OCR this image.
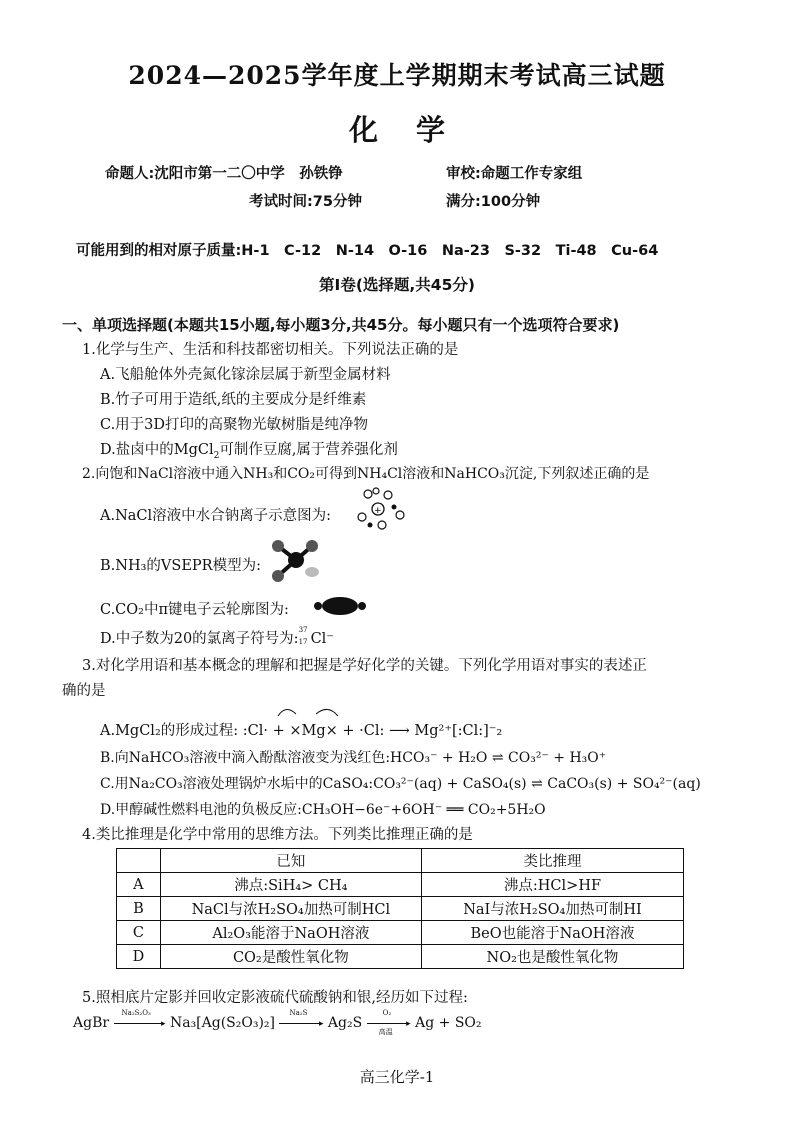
2024—2025学年度上学期期末考试高三试题
化学
命题人:沈阳市第一二〇中学　孙铁铮	审校:命题工作专家组
考试时间:75分钟	满分:100分钟
可能用到的相对原子质量:H-1　C-12　N-14　O-16　Na-23　S-32　Ti-48　Cu-64
第Ⅰ卷(选择题,共45分)
一、单项选择题(本题共15小题,每小题3分,共45分。每小题只有一个选项符合要求)
1.化学与生产、生活和科技都密切相关。下列说法正确的是
A.飞船舱体外壳氮化镓涂层属于新型金属材料
B.竹子可用于造纸,纸的主要成分是纤维素
C.用于3D打印的高聚物光敏树脂是纯净物
D.盐卤中的MgCl$_2$可制作豆腐,属于营养强化剂
2.向饱和NaCl溶液中通入NH₃和CO₂可得到NH₄Cl溶液和NaHCO₃沉淀,下列叙述正确的是
A.NaCl溶液中水合钠离子示意图为:	+
B.NH₃的VSEPR模型为:
C.CO₂中π键电子云轮廓图为:
D.中子数为20的氯离子符号为:
37
17 Cl⁻
3.对化学用语和基本概念的理解和把握是学好化学的关键。下列化学用语对事实的表述正
确的是
A.MgCl₂的形成过程: :Cl· + ×Mg× + ·Cl: ⟶ Mg²⁺[:Cl:]⁻₂
B.向NaHCO₃溶液中滴入酚酞溶液变为浅红色:HCO₃⁻ + H₂O ⇌ CO₃²⁻ + H₃O⁺
C.用Na₂CO₃溶液处理锅炉水垢中的CaSO₄:CO₃²⁻(aq) + CaSO₄(s) ⇌ CaCO₃(s) + SO₄²⁻(aq)
D.甲醇碱性燃料电池的负极反应:CH₃OH−6e⁻+6OH⁻ ══ CO₂+5H₂O
4.类比推理是化学中常用的思维方法。下列类比推理正确的是
	已知	类比推理
A	沸点:SiH₄> CH₄	沸点:HCl>HF
B	NaCl与浓H₂SO₄加热可制HCl	NaI与浓H₂SO₄加热可制HI
C	Al₂O₃能溶于NaOH溶液	BeO也能溶于NaOH溶液
D	CO₂是酸性氧化物	NO₂也是酸性氧化物
5.照相底片定影并回收定影液硫代硫酸钠和银,经历如下过程:
AgBr
Na₂S₂O₃
▸ Na₃[Ag(S₂O₃)₂]
Na₂S
▸ Ag₂S
O₂
▸
高温
Ag + SO₂
高三化学-1
